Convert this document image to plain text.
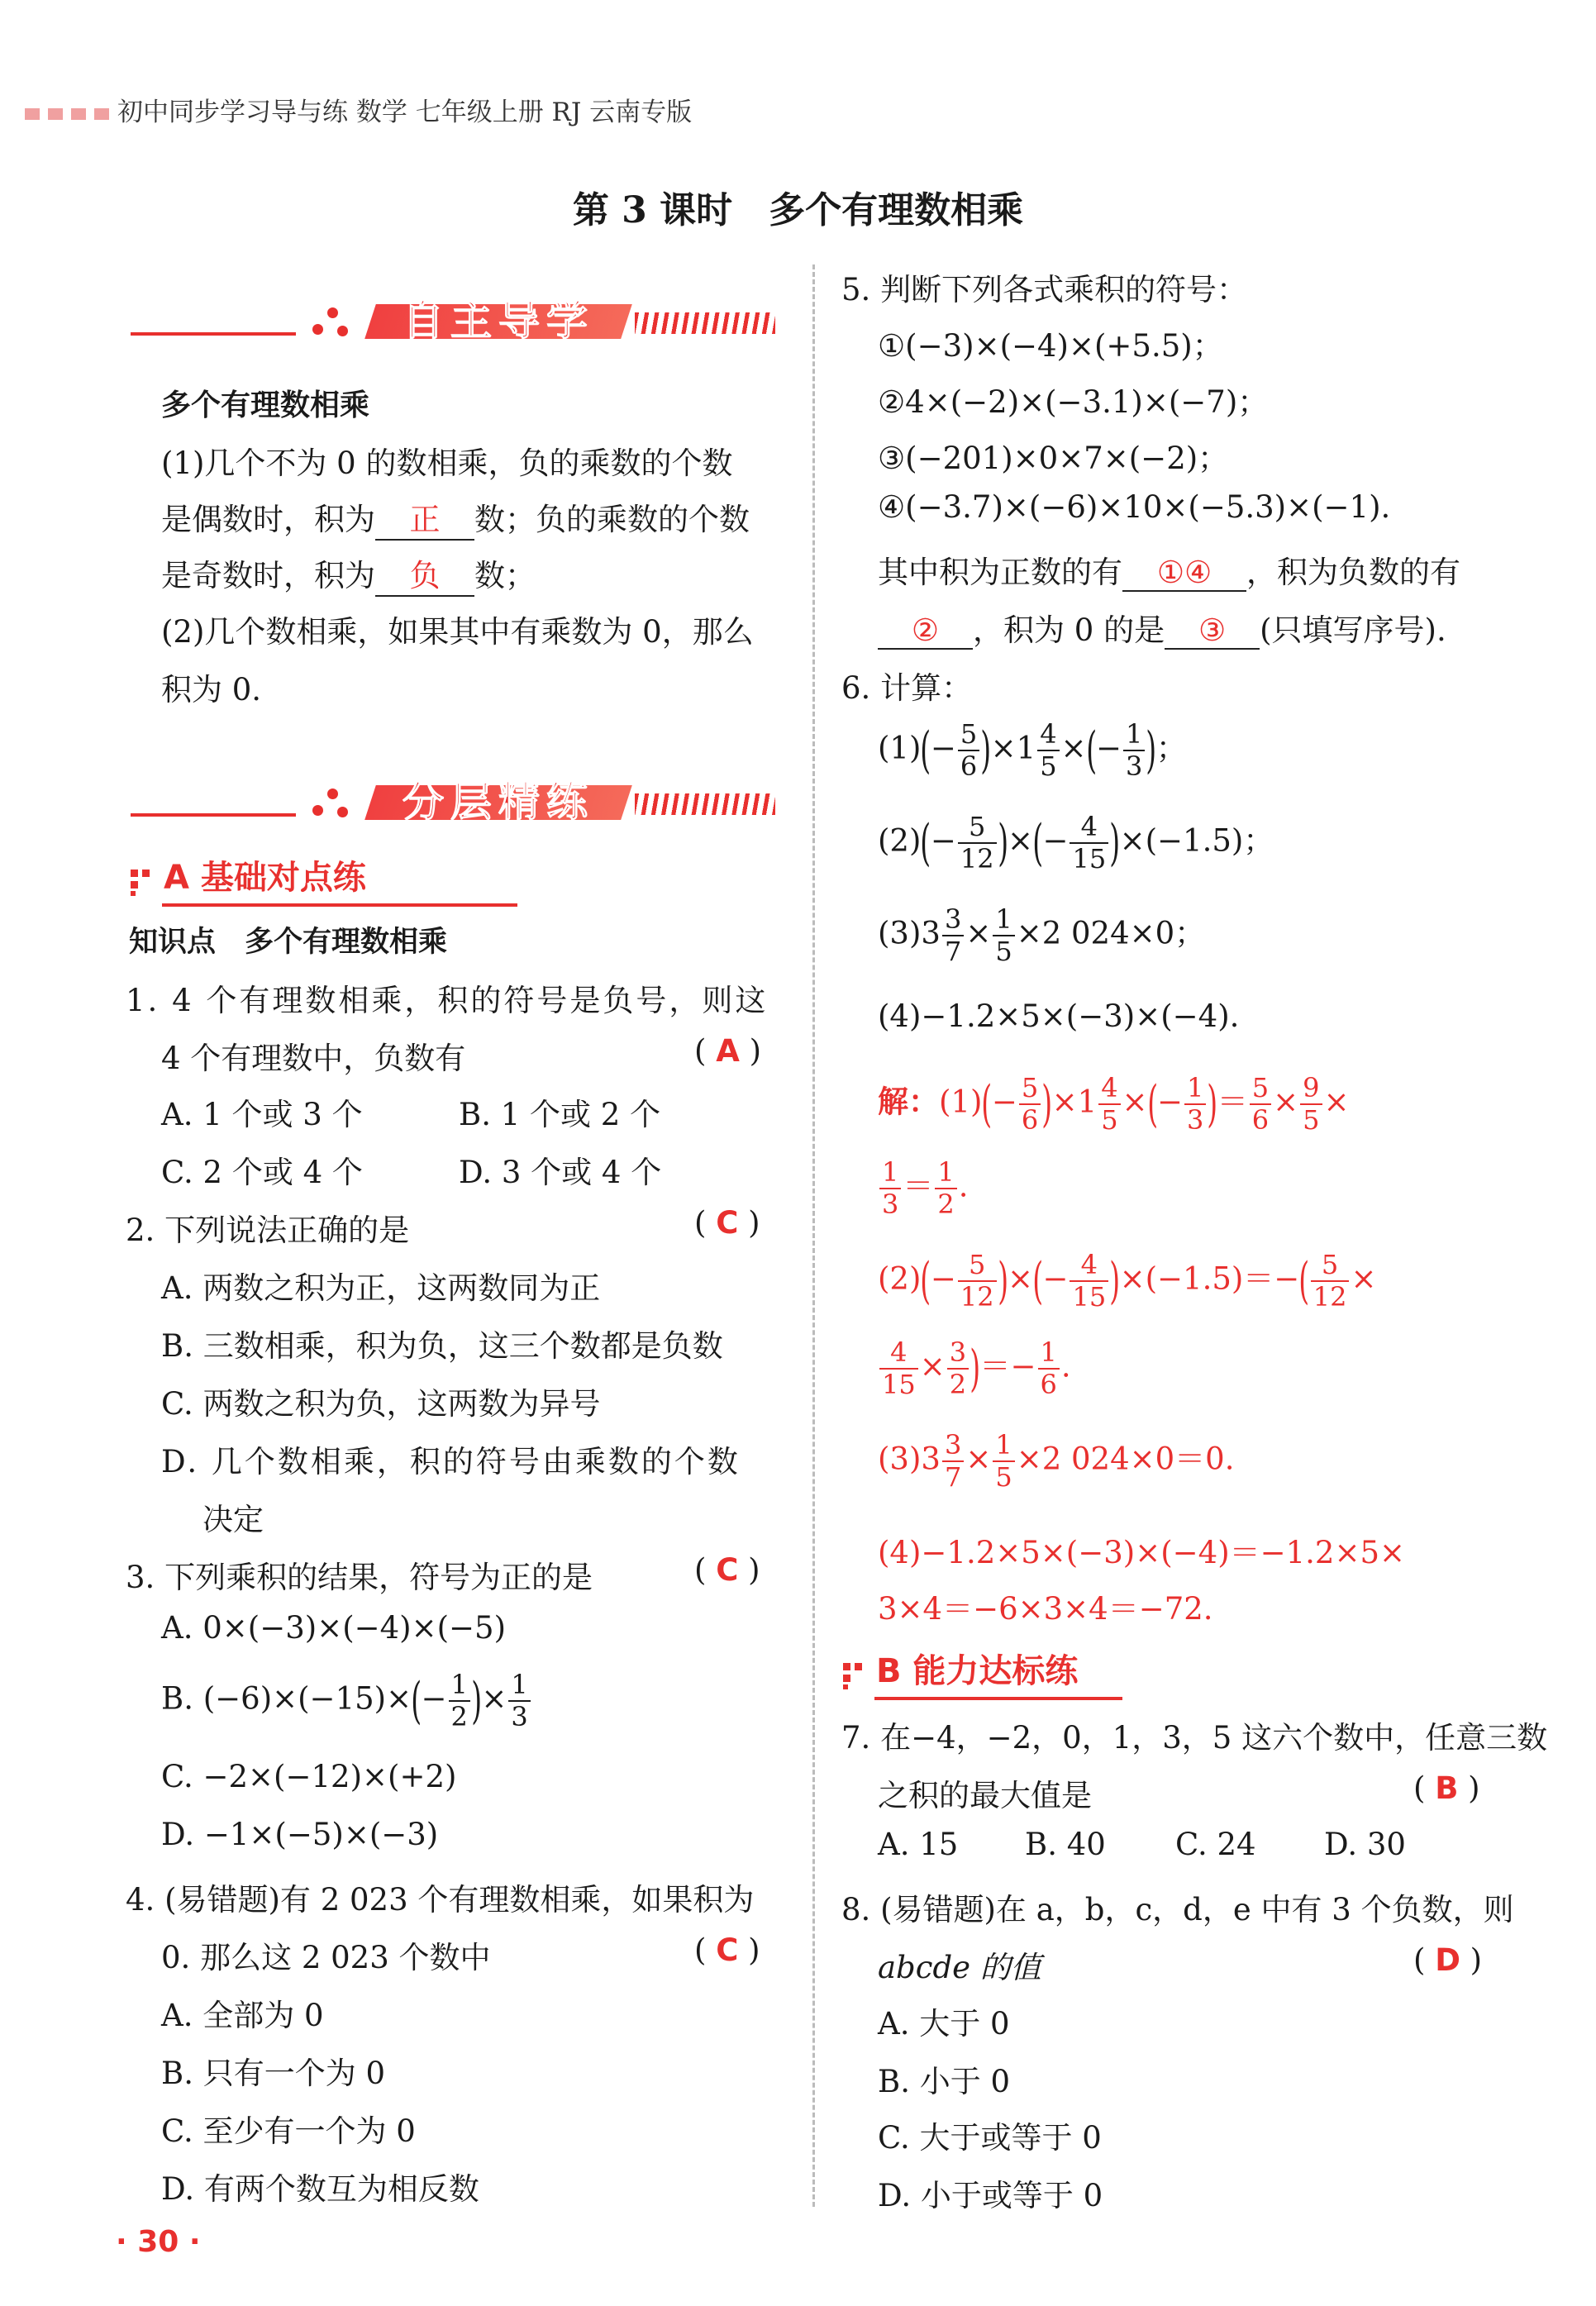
初中同步学习导与练 数学 七年级上册 RJ 云南专版
第 3 课时　多个有理数相乘
自主导学
多个有理数相乘
(1)几个不为 0 的数相乘，负的乘数的个数
是偶数时，积为 正 数；负的乘数的个数
是奇数时，积为 负 数；
(2)几个数相乘，如果其中有乘数为 0，那么
积为 0.
分层精练
A 基础对点练
知识点　多个有理数相乘
1. 4 个有理数相乘，积的符号是负号，则这
4 个有理数中，负数有	( A )
A. 1 个或 3 个	B. 1 个或 2 个
C. 2 个或 4 个	D. 3 个或 4 个
2. 下列说法正确的是	( C )
A. 两数之积为正，这两数同为正
B. 三数相乘，积为负，这三个数都是负数
C. 两数之积为负，这两数为异号
D. 几个数相乘，积的符号由乘数的个数
决定
3. 下列乘积的结果，符号为正的是	( C )
A. 0×(−3)×(−4)×(−5)
B. $(-6)\times(-15)\times(- \frac{1}{2}$ )× $\frac{1}{3}$
C. −2×(−12)×(+2)
D. −1×(−5)×(−3)
4. (易错题)有 2 023 个有理数相乘，如果积为
0. 那么这 2 023 个数中	( C )
A. 全部为 0
B. 只有一个为 0
C. 至少有一个为 0
D. 有两个数互为相反数
5. 判断下列各式乘积的符号：
①(−3)×(−4)×(+5.5)；
②4×(−2)×(−3.1)×(−7)；
③(−201)×0×7×(−2)；
④(−3.7)×(−6)×10×(−5.3)×(−1).
其中积为正数的有 ①④ ，积为负数的有
② ，积为 0 的是 ③ (只填写序号).
6. 计算：
$(1)(- \frac{5}{6} )\times 1 \frac{4}{5}$ ×(− $\frac{1}{3}$ )；
$(2)(- \frac{5}{12}$ )×(− $\frac{4}{15} )\times(-1.5)$；
$(3)3 \frac{3}{7} \times \frac{1}{5} \times 2$ 024×0；
(4)−1.2×5×(−3)×(−4).
解：$(1)(- \frac{5}{6} )\times 1 \frac{4}{5}$ ×(− $\frac{1}{3}$ )＝ $\frac{5}{6} \times \frac{9}{5}$ ×
$\frac{1}{3} = \frac{1}{2}$ .
$(2)(- \frac{5}{12}$ )×(− $\frac{4}{15} )\times(-1.5)=-( \frac{5}{12}$ ×
$\frac{4}{15} \times \frac{3}{2}$ )＝− $\frac{1}{6}$ .
$(3)3 \frac{3}{7} \times \frac{1}{5} \times 2$ 024×0＝0.
(4)−1.2×5×(−3)×(−4)＝−1.2×5×
3×4＝−6×3×4＝−72.
B 能力达标练
7. 在−4，−2，0，1，3，5 这六个数中，任意三数
之积的最大值是	( B )
A. 15 B. 40 C. 24 D. 30
8. (易错题)在 a，b，c，d，e 中有 3 个负数，则
abcde 的值	( D )
A. 大于 0
B. 小于 0
C. 大于或等于 0
D. 小于或等于 0
· 30 ·
